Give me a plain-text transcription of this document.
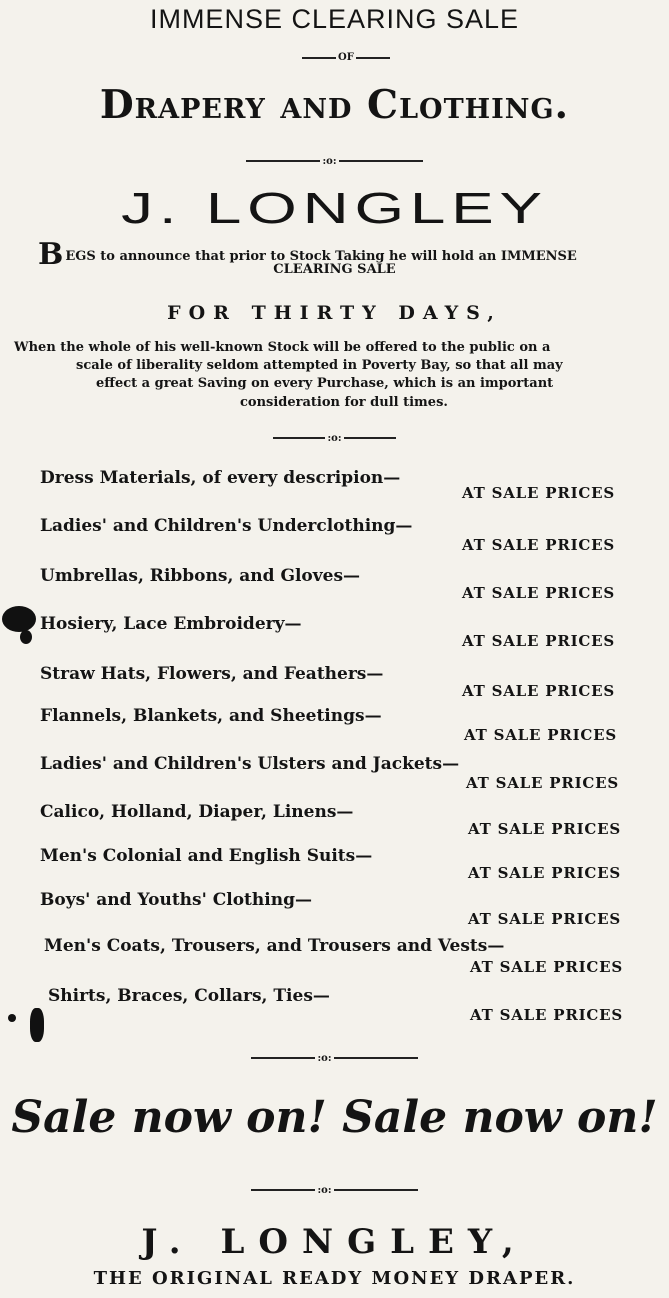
IMMENSE CLEARING SALE
OF
Drapery and Clothing.
:o:
J. LONGLEY
BEGS to announce that prior to Stock Taking he will hold an IMMENSE
CLEARING SALE
FOR THIRTY DAYS,
When the whole of his well-known Stock will be offered to the public on a
scale of liberality seldom attempted in Poverty Bay, so that all may
effect a great Saving on every Purchase, which is an important
consideration for dull times.
:o:
Dress Materials, of every descripion—
AT SALE PRICES
Ladies' and Children's Underclothing—
AT SALE PRICES
Umbrellas, Ribbons, and Gloves—
AT SALE PRICES
Hosiery, Lace Embroidery—
AT SALE PRICES
Straw Hats, Flowers, and Feathers—
AT SALE PRICES
Flannels, Blankets, and Sheetings—
AT SALE PRICES
Ladies' and Children's Ulsters and Jackets—
AT SALE PRICES
Calico, Holland, Diaper, Linens—
AT SALE PRICES
Men's Colonial and English Suits—
AT SALE PRICES
Boys' and Youths' Clothing—
AT SALE PRICES
Men's Coats, Trousers, and Trousers and Vests—
AT SALE PRICES
Shirts, Braces, Collars, Ties—
AT SALE PRICES
:o:
Sale now on! Sale now on!
:o:
J. LONGLEY,
THE ORIGINAL READY MONEY DRAPER.
